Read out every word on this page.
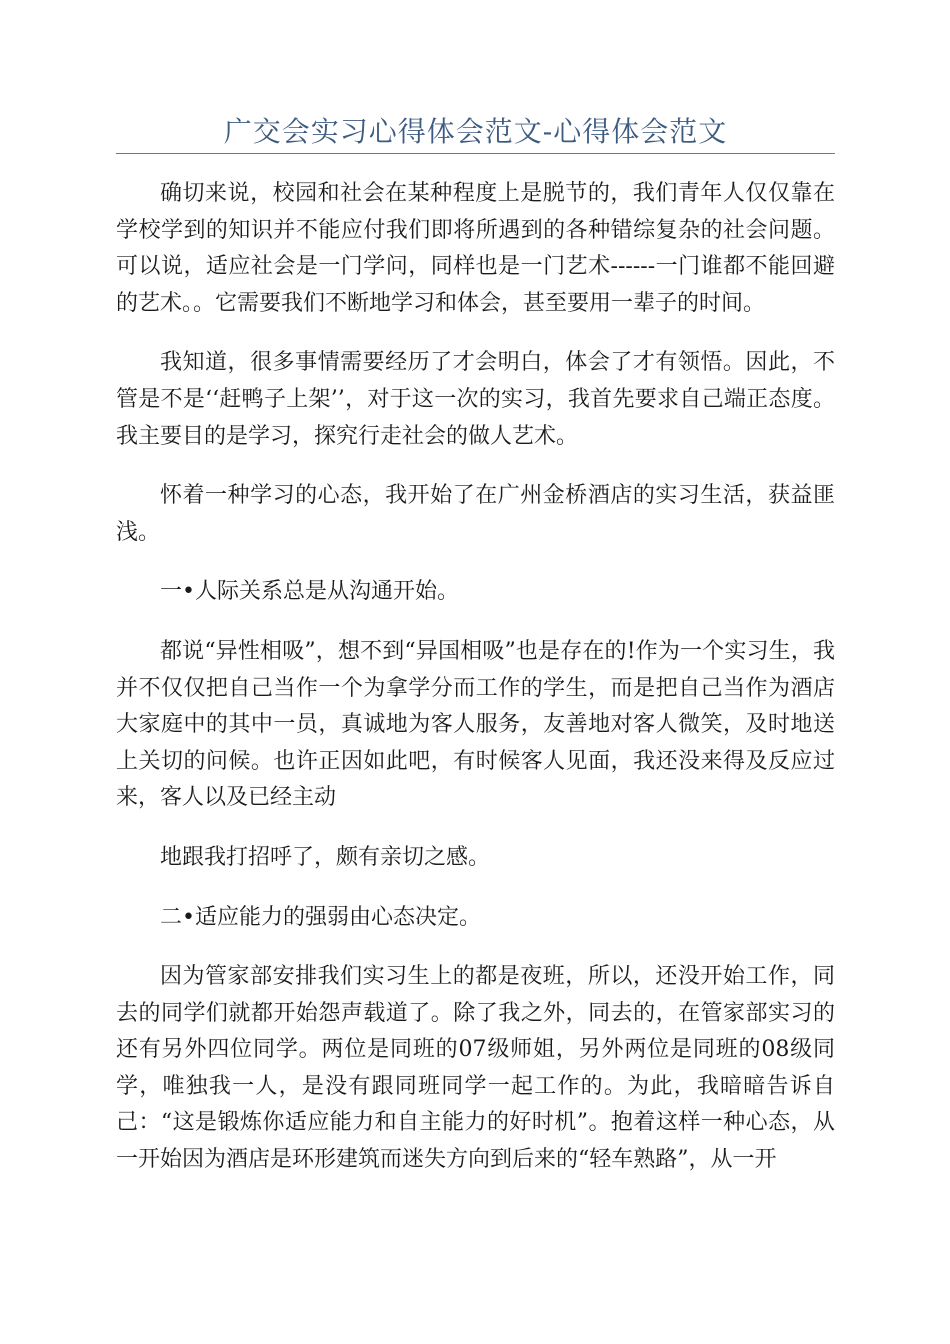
广交会实习心得体会范文-心得体会范文

确切来说，校园和社会在某种程度上是脱节的，我们青年人仅仅靠在学校学到的知识并不能应付我们即将所遇到的各种错综复杂的社会问题。可以说，适应社会是一门学问，同样也是一门艺术------一门谁都不能回避的艺术。。它需要我们不断地学习和体会，甚至要用一辈子的时间。

我知道，很多事情需要经历了才会明白，体会了才有领悟。因此，不管是不是‘‘赶鸭子上架’’，对于这一次的实习，我首先要求自己端正态度。我主要目的是学习，探究行走社会的做人艺术。

怀着一种学习的心态，我开始了在广州金桥酒店的实习生活，获益匪浅。

一•人际关系总是从沟通开始。

都说“异性相吸”，想不到“异国相吸”也是存在的!作为一个实习生，我并不仅仅把自己当作一个为拿学分而工作的学生，而是把自己当作为酒店大家庭中的其中一员，真诚地为客人服务，友善地对客人微笑，及时地送上关切的问候。也许正因如此吧，有时候客人见面，我还没来得及反应过来，客人以及已经主动

地跟我打招呼了，颇有亲切之感。

二•适应能力的强弱由心态决定。

因为管家部安排我们实习生上的都是夜班，所以，还没开始工作，同去的同学们就都开始怨声载道了。除了我之外，同去的，在管家部实习的还有另外四位同学。两位是同班的07级师姐，另外两位是同班的08级同学，唯独我一人，是没有跟同班同学一起工作的。为此，我暗暗告诉自己：“这是锻炼你适应能力和自主能力的好时机”。抱着这样一种心态，从一开始因为酒店是环形建筑而迷失方向到后来的“轻车熟路”，从一开
